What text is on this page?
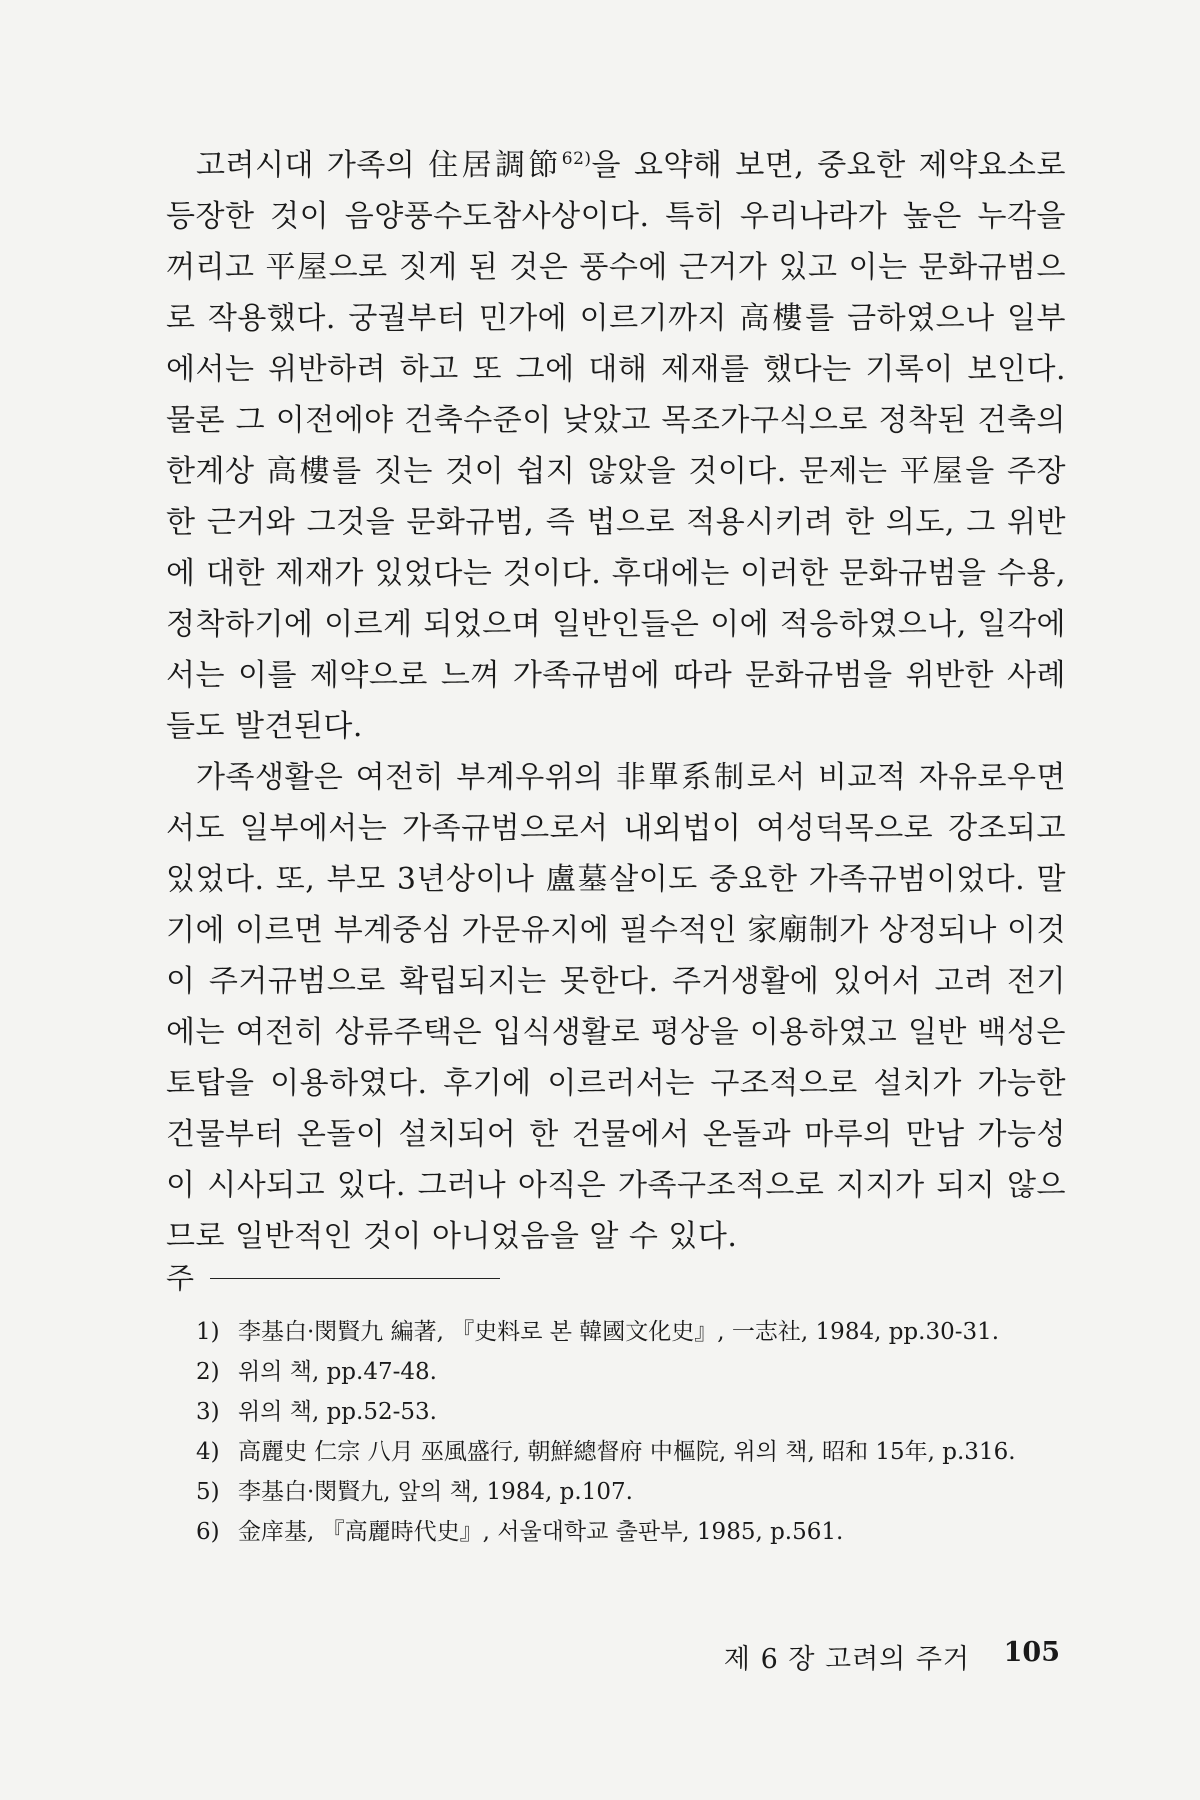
고려시대 가족의 住居調節$^{62)}$을 요약해 보면, 중요한 제약요소로 등장한 것이 음양풍수도참사상이다. 특히 우리나라가 높은 누각을 꺼리고 平屋으로 짓게 된 것은 풍수에 근거가 있고 이는 문화규범으로 작용했다. 궁궐부터 민가에 이르기까지 高樓를 금하였으나 일부에서는 위반하려 하고 또 그에 대해 제재를 했다는 기록이 보인다. 물론 그 이전에야 건축수준이 낮았고 목조가구식으로 정착된 건축의 한계상 高樓를 짓는 것이 쉽지 않았을 것이다. 문제는 平屋을 주장한 근거와 그것을 문화규범, 즉 법으로 적용시키려 한 의도, 그 위반에 대한 제재가 있었다는 것이다. 후대에는 이러한 문화규범을 수용, 정착하기에 이르게 되었으며 일반인들은 이에 적응하였으나, 일각에서는 이를 제약으로 느껴 가족규범에 따라 문화규범을 위반한 사례들도 발견된다.

가족생활은 여전히 부계우위의 非單系制로서 비교적 자유로우면서도 일부에서는 가족규범으로서 내외법이 여성덕목으로 강조되고 있었다. 또, 부모 3년상이나 盧墓살이도 중요한 가족규범이었다. 말기에 이르면 부계중심 가문유지에 필수적인 家廟制가 상정되나 이것이 주거규범으로 확립되지는 못한다. 주거생활에 있어서 고려 전기에는 여전히 상류주택은 입식생활로 평상을 이용하였고 일반 백성은 토탑을 이용하였다. 후기에 이르러서는 구조적으로 설치가 가능한 건물부터 온돌이 설치되어 한 건물에서 온돌과 마루의 만남 가능성이 시사되고 있다. 그러나 아직은 가족구조적으로 지지가 되지 않으므로 일반적인 것이 아니었음을 알 수 있다.

주
1) 李基白·閔賢九 編著, 『史料로 본 韓國文化史』, 一志社, 1984, pp.30-31.
2) 위의 책, pp.47-48.
3) 위의 책, pp.52-53.
4) 高麗史 仁宗 八月 巫風盛行, 朝鮮總督府 中樞院, 위의 책, 昭和 15年, p.316.
5) 李基白·閔賢九, 앞의 책, 1984, p.107.
6) 金庠基, 『高麗時代史』, 서울대학교 출판부, 1985, p.561.
제 6 장 고려의 주거 105
